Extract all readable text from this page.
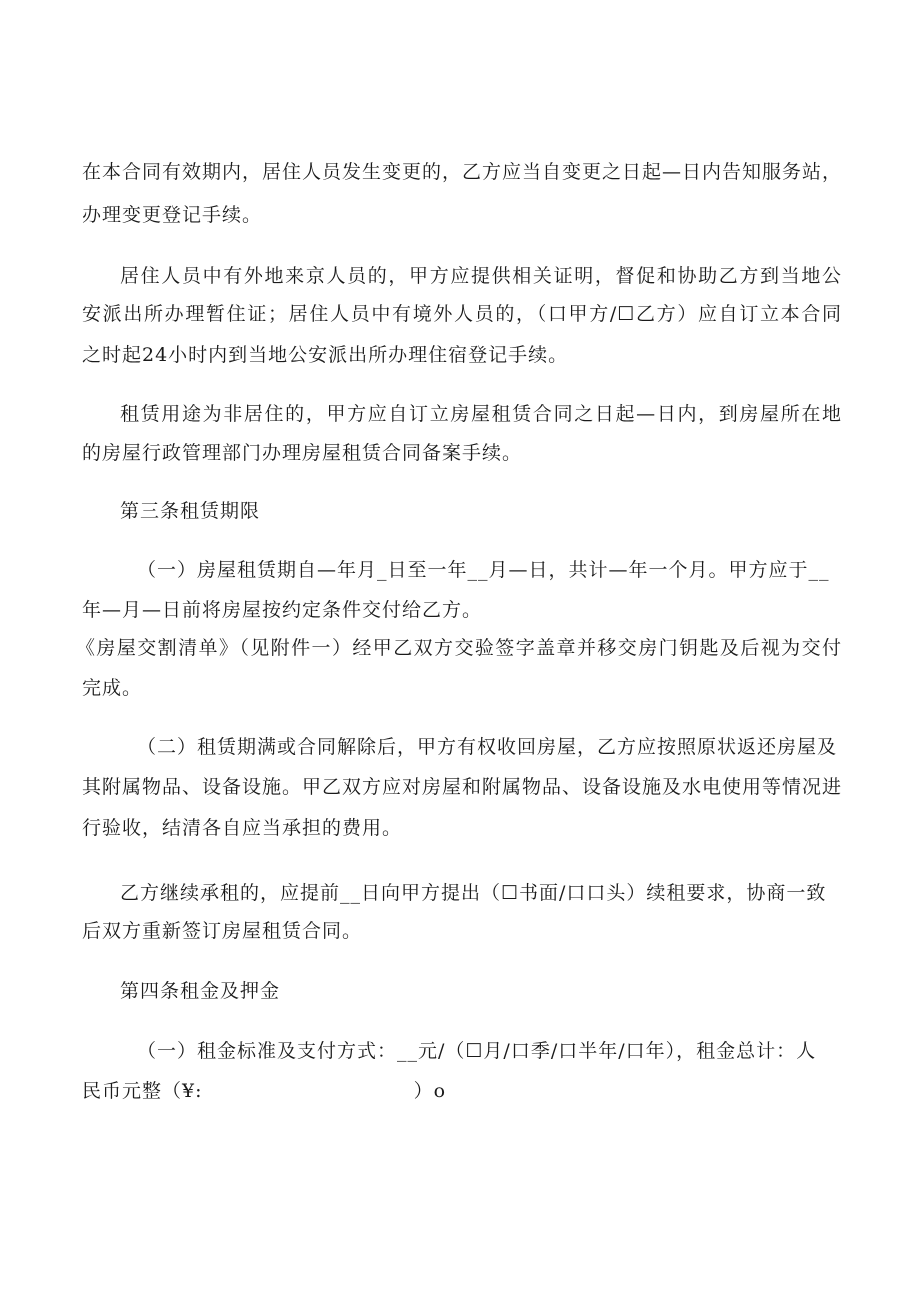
在本合同有效期内，居住人员发生变更的，乙方应当自变更之日起—日内告知服务站，
办理变更登记手续。
居住人员中有外地来京人员的，甲方应提供相关证明，督促和协助乙方到当地公
安派出所办理暂住证；居住人员中有境外人员的，（口甲方/☐乙方）应自订立本合同
之时起24小时内到当地公安派出所办理住宿登记手续。
租赁用途为非居住的，甲方应自订立房屋租赁合同之日起—日内，到房屋所在地
的房屋行政管理部门办理房屋租赁合同备案手续。
第三条租赁期限
（一）房屋租赁期自—年月_日至一年__月—日，共计—年一个月。甲方应于__
年—月—日前将房屋按约定条件交付给乙方。
《房屋交割清单》（见附件一）经甲乙双方交验签字盖章并移交房门钥匙及后视为交付
完成。
（二）租赁期满或合同解除后，甲方有权收回房屋，乙方应按照原状返还房屋及
其附属物品、设备设施。甲乙双方应对房屋和附属物品、设备设施及水电使用等情况进
行验收，结清各自应当承担的费用。
乙方继续承租的，应提前__日向甲方提出（☐书面/口口头）续租要求，协商一致
后双方重新签订房屋租赁合同。
第四条租金及押金
（一）租金标准及支付方式：__元/（☐月/口季/口半年/口年），租金总计：人
民币元整（¥:                              ）o
